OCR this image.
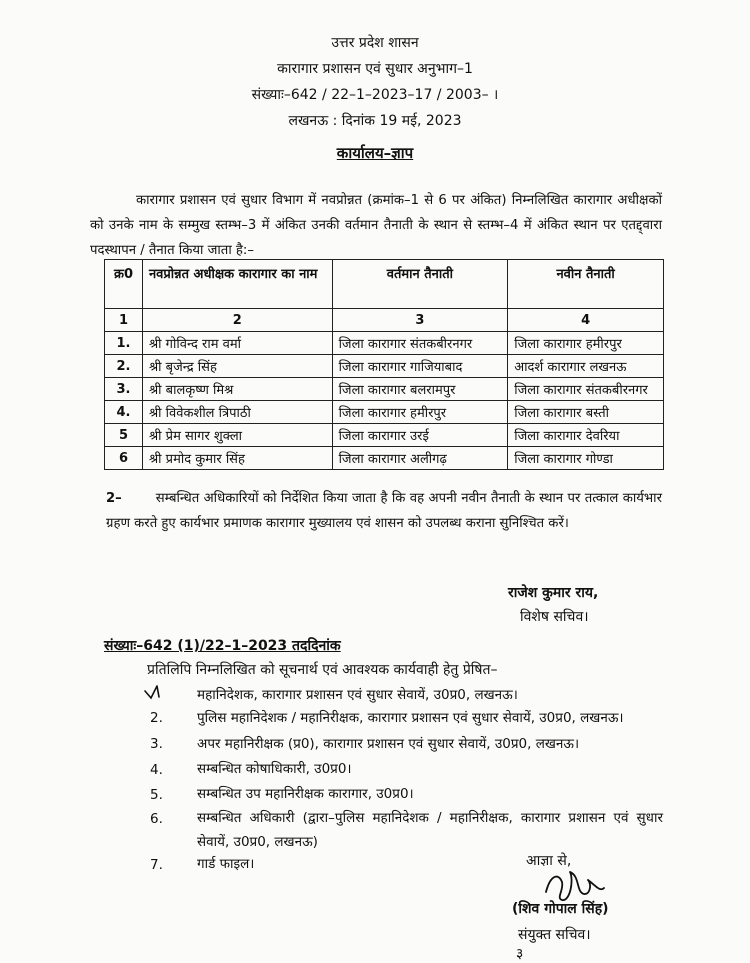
उत्तर प्रदेश शासन
कारागार प्रशासन एवं सुधार अनुभाग–1
संख्याः–642 / 22–1–2023–17 / 2003– ।
लखनऊ : दिनांक 19 मई, 2023
कार्यालय–ज्ञाप
कारागार प्रशासन एवं सुधार विभाग में नवप्रोन्नत (क्रमांक–1 से 6 पर अंकित) निम्नलिखित कारागार अधीक्षकों को उनके नाम के सम्मुख स्तम्भ–3 में अंकित उनकी वर्तमान तैनाती के स्थान से स्तम्भ–4 में अंकित स्थान पर एतद्द्वारा पदस्थापन / तैनात किया जाता है:–
क्र0	नवप्रोन्नत अधीक्षक कारागार का नाम	वर्तमान तैनाती	नवीन तैनाती
1	2	3	4
1.	श्री गोविन्द राम वर्मा	जिला कारागार संतकबीरनगर	जिला कारागार हमीरपुर
2.	श्री बृजेन्द्र सिंह	जिला कारागार गाजियाबाद	आदर्श कारागार लखनऊ
3.	श्री बालकृष्ण मिश्र	जिला कारागार बलरामपुर	जिला कारागार संतकबीरनगर
4.	श्री विवेकशील त्रिपाठी	जिला कारागार हमीरपुर	जिला कारागार बस्ती
5	श्री प्रेम सागर शुक्ला	जिला कारागार उरई	जिला कारागार देवरिया
6	श्री प्रमोद कुमार सिंह	जिला कारागार अलीगढ़	जिला कारागार गोण्डा
2–	सम्बन्धित अधिकारियों को निर्देशित किया जाता है कि वह अपनी नवीन तैनाती के स्थान पर तत्काल कार्यभार ग्रहण करते हुए कार्यभार प्रमाणक कारागार मुख्यालय एवं शासन को उपलब्ध कराना सुनिश्चित करें।
राजेश कुमार राय,
विशेष सचिव।
संख्याः–642 (1)/22–1–2023 तददिनांक
प्रतिलिपि निम्नलिखित को सूचनार्थ एवं आवश्यक कार्यवाही हेतु प्रेषित–
महानिदेशक, कारागार प्रशासन एवं सुधार सेवायें, उ0प्र0, लखनऊ।
2.	पुलिस महानिदेशक / महानिरीक्षक, कारागार प्रशासन एवं सुधार सेवायें, उ0प्र0, लखनऊ।
3.	अपर महानिरीक्षक (प्र0), कारागार प्रशासन एवं सुधार सेवायें, उ0प्र0, लखनऊ।
4.	सम्बन्धित कोषाधिकारी, उ0प्र0।
5.	सम्बन्धित उप महानिरीक्षक कारागार, उ0प्र0।
6.	सम्बन्धित अधिकारी (द्वारा–पुलिस महानिदेशक / महानिरीक्षक, कारागार प्रशासन एवं सुधार सेवायें, उ0प्र0, लखनऊ)
7.	गार्ड फाइल।	आज्ञा से,
(शिव गोपाल सिंह)
संयुक्त सचिव।
३
